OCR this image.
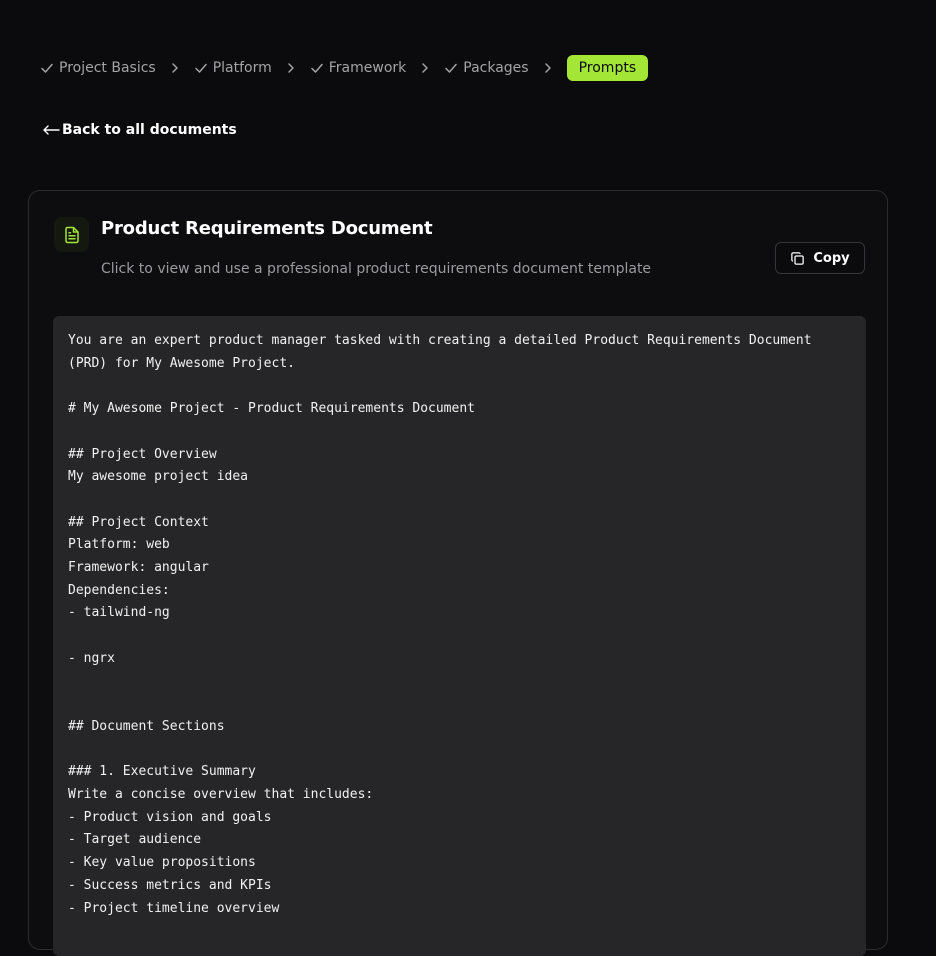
Project Basics	Platform	Framework	Packages	Prompts
Back to all documents
Product Requirements Document
Click to view and use a professional product requirements document template
Copy
You are an expert product manager tasked with creating a detailed Product Requirements Document
(PRD) for My Awesome Project.

# My Awesome Project - Product Requirements Document

## Project Overview
My awesome project idea

## Project Context
Platform: web
Framework: angular
Dependencies:
- tailwind-ng

- ngrx

## Document Sections

### 1. Executive Summary
Write a concise overview that includes:
- Product vision and goals
- Target audience
- Key value propositions
- Success metrics and KPIs
- Project timeline overview
